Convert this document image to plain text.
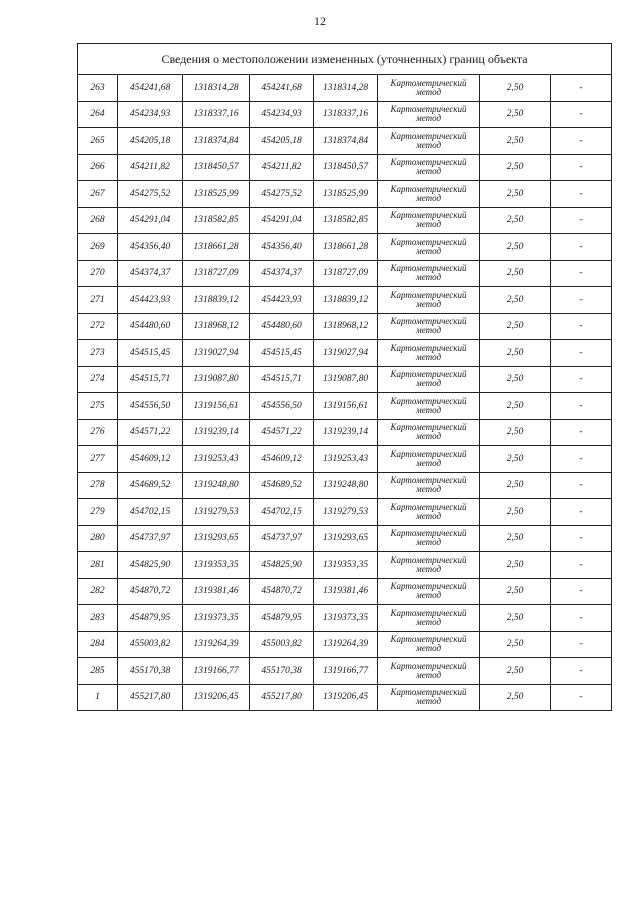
12
Сведения о местоположении измененных (уточненных) границ объекта							
263	454241,68	1318314,28	454241,68	1318314,28	Картометрический метод	2,50	-
264	454234,93	1318337,16	454234,93	1318337,16	Картометрический метод	2,50	-
265	454205,18	1318374,84	454205,18	1318374,84	Картометрический метод	2,50	-
266	454211,82	1318450,57	454211,82	1318450,57	Картометрический метод	2,50	-
267	454275,52	1318525,99	454275,52	1318525,99	Картометрический метод	2,50	-
268	454291,04	1318582,85	454291,04	1318582,85	Картометрический метод	2,50	-
269	454356,40	1318661,28	454356,40	1318661,28	Картометрический метод	2,50	-
270	454374,37	1318727,09	454374,37	1318727,09	Картометрический метод	2,50	-
271	454423,93	1318839,12	454423,93	1318839,12	Картометрический метод	2,50	-
272	454480,60	1318968,12	454480,60	1318968,12	Картометрический метод	2,50	-
273	454515,45	1319027,94	454515,45	1319027,94	Картометрический метод	2,50	-
274	454515,71	1319087,80	454515,71	1319087,80	Картометрический метод	2,50	-
275	454556,50	1319156,61	454556,50	1319156,61	Картометрический метод	2,50	-
276	454571,22	1319239,14	454571,22	1319239,14	Картометрический метод	2,50	-
277	454609,12	1319253,43	454609,12	1319253,43	Картометрический метод	2,50	-
278	454689,52	1319248,80	454689,52	1319248,80	Картометрический метод	2,50	-
279	454702,15	1319279,53	454702,15	1319279,53	Картометрический метод	2,50	-
280	454737,97	1319293,65	454737,97	1319293,65	Картометрический метод	2,50	-
281	454825,90	1319353,35	454825,90	1319353,35	Картометрический метод	2,50	-
282	454870,72	1319381,46	454870,72	1319381,46	Картометрический метод	2,50	-
283	454879,95	1319373,35	454879,95	1319373,35	Картометрический метод	2,50	-
284	455003,82	1319264,39	455003,82	1319264,39	Картометрический метод	2,50	-
285	455170,38	1319166,77	455170,38	1319166,77	Картометрический метод	2,50	-
1	455217,80	1319206,45	455217,80	1319206,45	Картометрический метод	2,50	-
